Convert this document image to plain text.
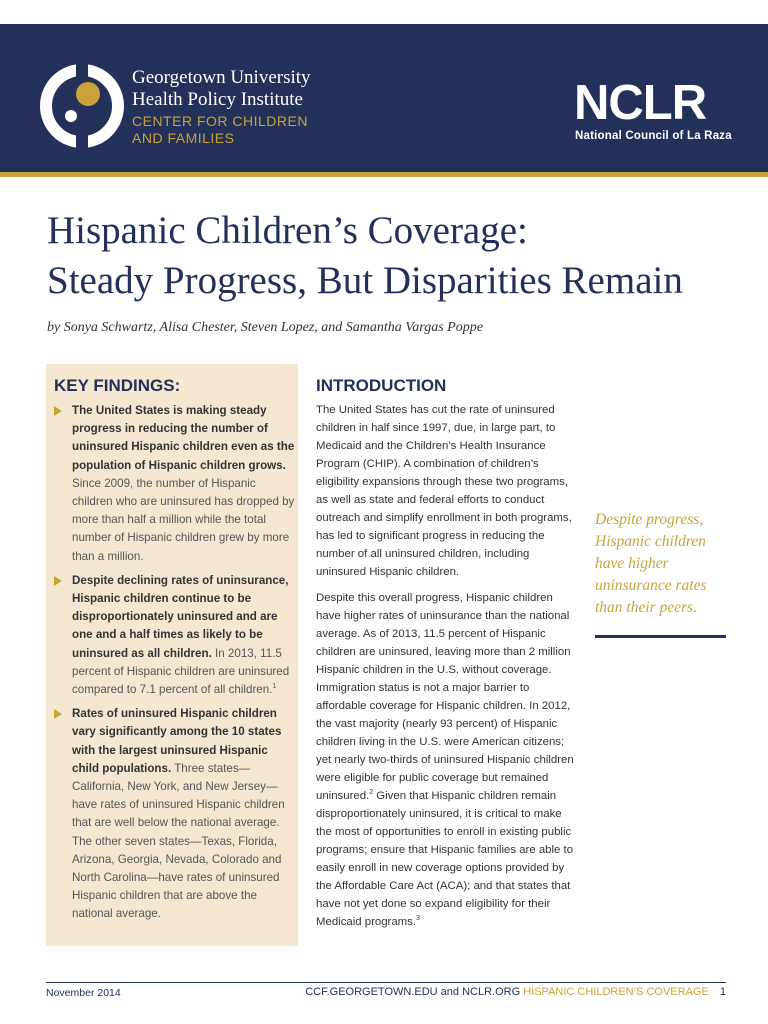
Georgetown University
Health Policy Institute
CENTER FOR CHILDREN
AND FAMILIES
NCLR
National Council of La Raza
Hispanic Children’s Coverage:
Steady Progress, But Disparities Remain
by Sonya Schwartz, Alisa Chester, Steven Lopez, and Samantha Vargas Poppe
KEY FINDINGS:
The United States is making steady progress in reducing the number of uninsured Hispanic children even as the population of Hispanic children grows. Since 2009, the number of Hispanic children who are uninsured has dropped by more than half a million while the total number of Hispanic children grew by more than a million.
Despite declining rates of uninsurance, Hispanic children continue to be disproportionately uninsured and are one and a half times as likely to be uninsured as all children. In 2013, 11.5 percent of Hispanic children are uninsured compared to 7.1 percent of all children.$^1$
Rates of uninsured Hispanic children vary significantly among the 10 states with the largest uninsured Hispanic child populations. Three states—California, New York, and New Jersey—have rates of uninsured Hispanic children that are well below the national average. The other seven states—Texas, Florida, Arizona, Georgia, Nevada, Colorado and North Carolina—have rates of uninsured Hispanic children that are above the national average.
INTRODUCTION

The United States has cut the rate of uninsured children in half since 1997, due, in large part, to Medicaid and the Children’s Health Insurance Program (CHIP). A combination of children’s eligibility expansions through these two programs, as well as state and federal efforts to conduct outreach and simplify enrollment in both programs, has led to significant progress in reducing the number of all uninsured children, including uninsured Hispanic children.

Despite this overall progress, Hispanic children have higher rates of uninsurance than the national average. As of 2013, 11.5 percent of Hispanic children are uninsured, leaving more than 2 million Hispanic children in the U.S. without coverage. Immigration status is not a major barrier to affordable coverage for Hispanic children. In 2012, the vast majority (nearly 93 percent) of Hispanic children living in the U.S. were American citizens; yet nearly two-thirds of uninsured Hispanic children were eligible for public coverage but remained uninsured.$^2$ Given that Hispanic children remain disproportionately uninsured, it is critical to make the most of opportunities to enroll in existing public programs; ensure that Hispanic families are able to easily enroll in new coverage options provided by the Affordable Care Act (ACA); and that states that have not yet done so expand eligibility for their Medicaid programs.$^3$

Despite progress, Hispanic children have higher uninsurance rates than their peers.
November 2014	CCF.GEORGETOWN.EDU and NCLR.ORG HISPANIC CHILDREN’S COVERAGE 1
